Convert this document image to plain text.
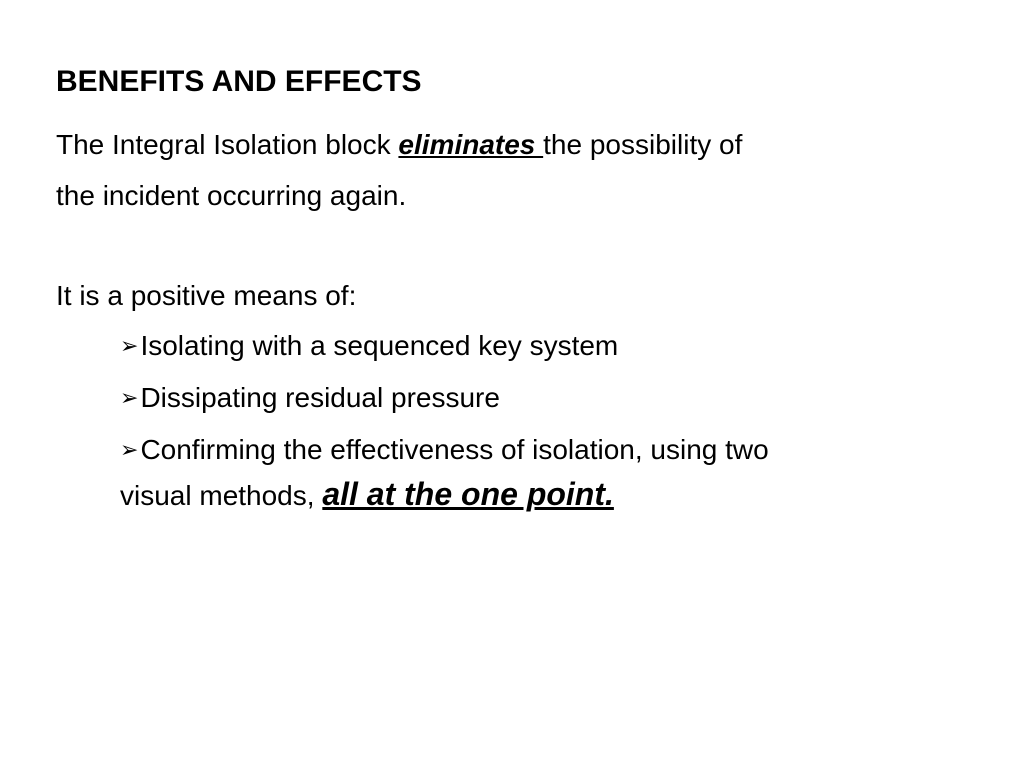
BENEFITS AND EFFECTS
The Integral Isolation block eliminates the possibility of
the incident occurring again.
It is a positive means of:
➢Isolating with a sequenced key system
➢Dissipating residual pressure
➢Confirming the effectiveness of isolation, using two
visual methods, all at the one point.
